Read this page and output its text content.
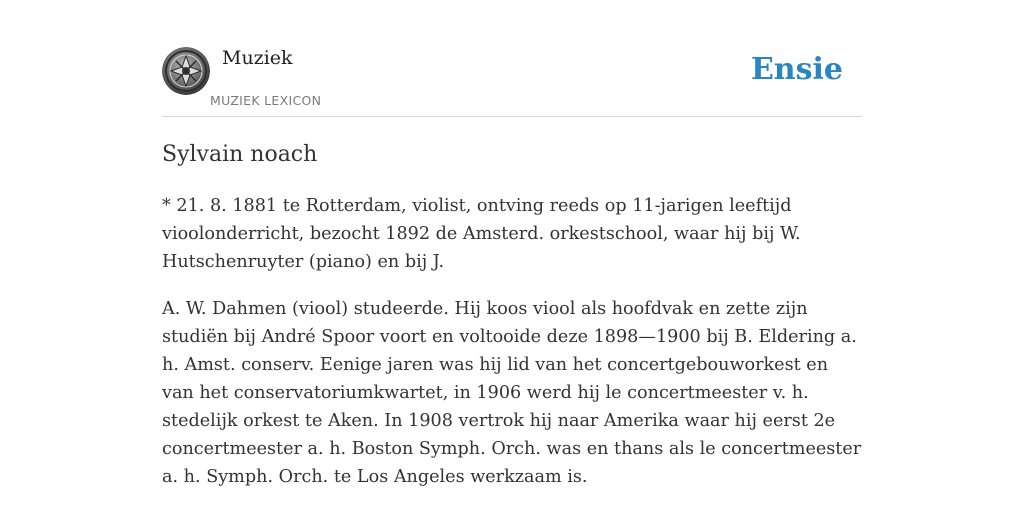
Muziek
MUZIEK LEXICON
Ensie
Sylvain noach

* 21. 8. 1881 te Rotterdam, violist, ontving reeds op 11-jarigen leeftijd vioolonderricht, bezocht 1892 de Amsterd. orkestschool, waar hij bij W. Hutschenruyter (piano) en bij J.

A. W. Dahmen (viool) studeerde. Hij koos viool als hoofdvak en zette zijn studiën bij André Spoor voort en voltooide deze 1898—1900 bij B. Eldering a. h. Amst. conserv. Eenige jaren was hij lid van het concertgebouworkest en van het conservatoriumkwartet, in 1906 werd hij le concertmeester v. h. stedelijk orkest te Aken. In 1908 vertrok hij naar Amerika waar hij eerst 2e concertmeester a. h. Boston Symph. Orch. was en thans als le concertmeester a. h. Symph. Orch. te Los Angeles werkzaam is.
